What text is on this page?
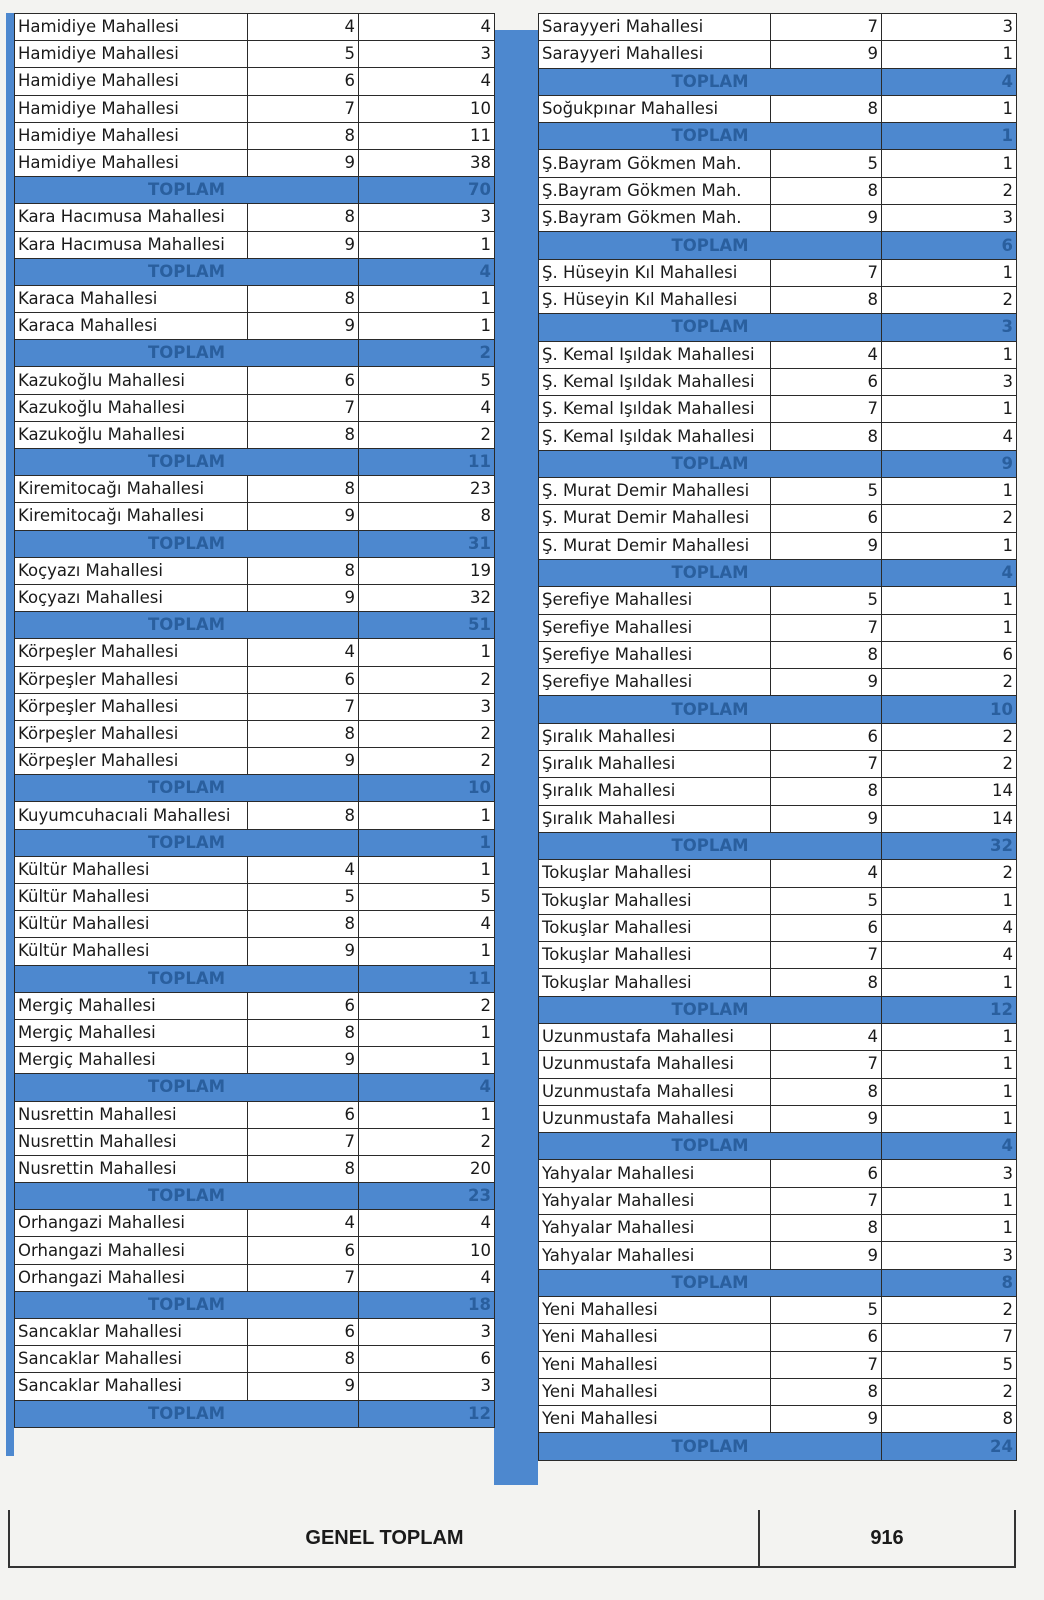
Hamidiye Mahallesi	4	4
Hamidiye Mahallesi	5	3
Hamidiye Mahallesi	6	4
Hamidiye Mahallesi	7	10
Hamidiye Mahallesi	8	11
Hamidiye Mahallesi	9	38
TOPLAM		70
Kara Hacımusa Mahallesi	8	3
Kara Hacımusa Mahallesi	9	1
TOPLAM		4
Karaca Mahallesi	8	1
Karaca Mahallesi	9	1
TOPLAM		2
Kazukoğlu Mahallesi	6	5
Kazukoğlu Mahallesi	7	4
Kazukoğlu Mahallesi	8	2
TOPLAM		11
Kiremitocağı Mahallesi	8	23
Kiremitocağı Mahallesi	9	8
TOPLAM		31
Koçyazı Mahallesi	8	19
Koçyazı Mahallesi	9	32
TOPLAM		51
Körpeşler Mahallesi	4	1
Körpeşler Mahallesi	6	2
Körpeşler Mahallesi	7	3
Körpeşler Mahallesi	8	2
Körpeşler Mahallesi	9	2
TOPLAM		10
Kuyumcuhacıali Mahallesi	8	1
TOPLAM		1
Kültür Mahallesi	4	1
Kültür Mahallesi	5	5
Kültür Mahallesi	8	4
Kültür Mahallesi	9	1
TOPLAM		11
Mergiç Mahallesi	6	2
Mergiç Mahallesi	8	1
Mergiç Mahallesi	9	1
TOPLAM		4
Nusrettin Mahallesi	6	1
Nusrettin Mahallesi	7	2
Nusrettin Mahallesi	8	20
TOPLAM		23
Orhangazi Mahallesi	4	4
Orhangazi Mahallesi	6	10
Orhangazi Mahallesi	7	4
TOPLAM		18
Sancaklar Mahallesi	6	3
Sancaklar Mahallesi	8	6
Sancaklar Mahallesi	9	3
TOPLAM		12
Sarayyeri Mahallesi	7	3
Sarayyeri Mahallesi	9	1
TOPLAM		4
Soğukpınar Mahallesi	8	1
TOPLAM		1
Ş.Bayram Gökmen Mah.	5	1
Ş.Bayram Gökmen Mah.	8	2
Ş.Bayram Gökmen Mah.	9	3
TOPLAM		6
Ş. Hüseyin Kıl Mahallesi	7	1
Ş. Hüseyin Kıl Mahallesi	8	2
TOPLAM		3
Ş. Kemal Işıldak Mahallesi	4	1
Ş. Kemal Işıldak Mahallesi	6	3
Ş. Kemal Işıldak Mahallesi	7	1
Ş. Kemal Işıldak Mahallesi	8	4
TOPLAM		9
Ş. Murat Demir Mahallesi	5	1
Ş. Murat Demir Mahallesi	6	2
Ş. Murat Demir Mahallesi	9	1
TOPLAM		4
Şerefiye Mahallesi	5	1
Şerefiye Mahallesi	7	1
Şerefiye Mahallesi	8	6
Şerefiye Mahallesi	9	2
TOPLAM		10
Şıralık Mahallesi	6	2
Şıralık Mahallesi	7	2
Şıralık Mahallesi	8	14
Şıralık Mahallesi	9	14
TOPLAM		32
Tokuşlar Mahallesi	4	2
Tokuşlar Mahallesi	5	1
Tokuşlar Mahallesi	6	4
Tokuşlar Mahallesi	7	4
Tokuşlar Mahallesi	8	1
TOPLAM		12
Uzunmustafa Mahallesi	4	1
Uzunmustafa Mahallesi	7	1
Uzunmustafa Mahallesi	8	1
Uzunmustafa Mahallesi	9	1
TOPLAM		4
Yahyalar Mahallesi	6	3
Yahyalar Mahallesi	7	1
Yahyalar Mahallesi	8	1
Yahyalar Mahallesi	9	3
TOPLAM		8
Yeni Mahallesi	5	2
Yeni Mahallesi	6	7
Yeni Mahallesi	7	5
Yeni Mahallesi	8	2
Yeni Mahallesi	9	8
TOPLAM		24
GENEL TOPLAM	916
